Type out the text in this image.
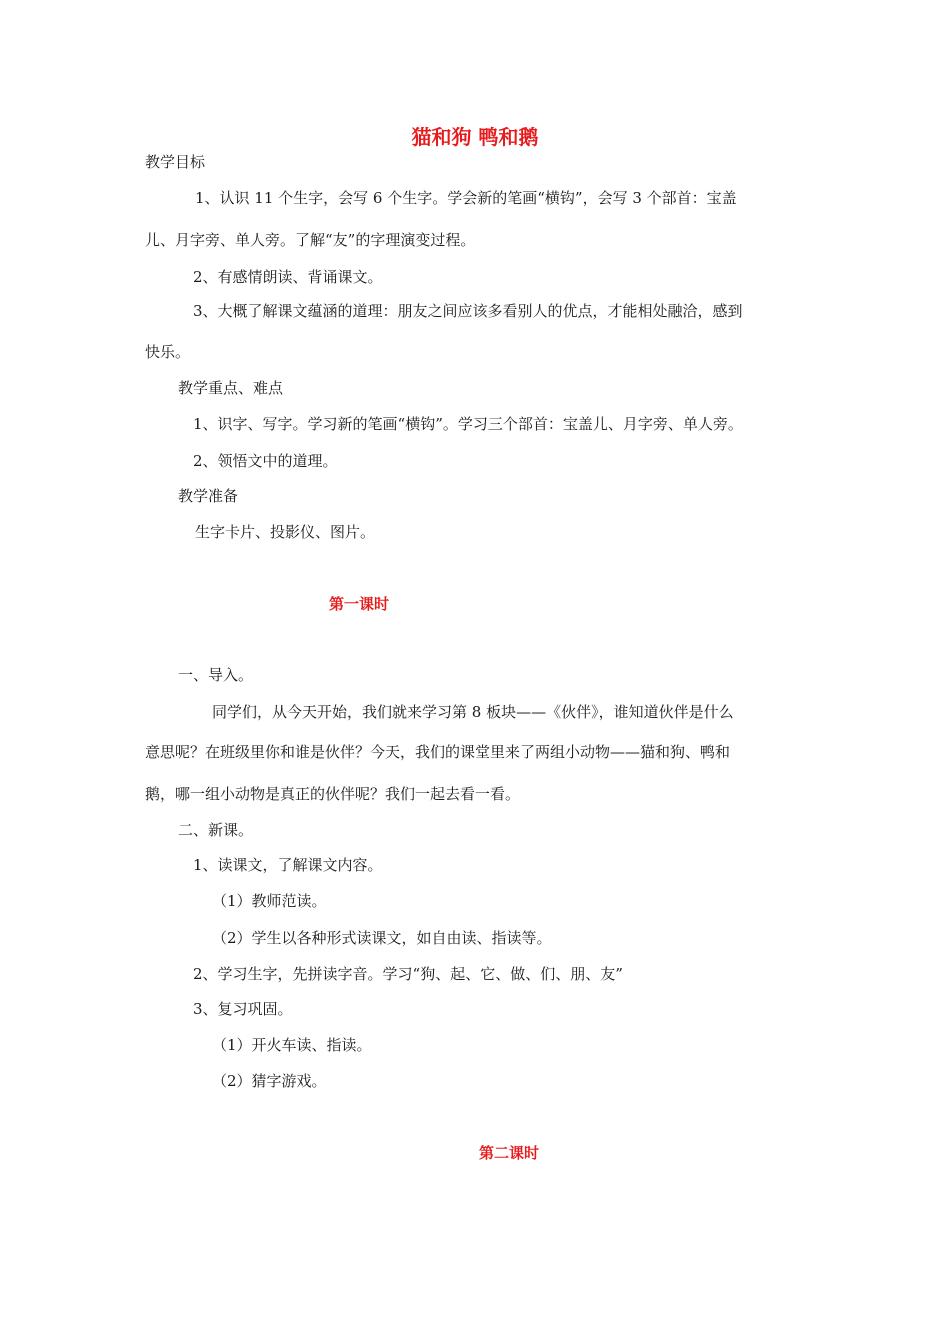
猫和狗 鸭和鹅
教学目标
1、认识 11 个生字，会写 6 个生字。学会新的笔画“横钩”，会写 3 个部首：宝盖
儿、月字旁、单人旁。了解“友”的字理演变过程。
2、有感情朗读、背诵课文。
3、大概了解课文蕴涵的道理：朋友之间应该多看别人的优点，才能相处融洽，感到
快乐。
教学重点、难点
1、识字、写字。学习新的笔画“横钩”。学习三个部首：宝盖儿、月字旁、单人旁。
2、领悟文中的道理。
教学准备
生字卡片、投影仪、图片。
第一课时
一、导入。
同学们，从今天开始，我们就来学习第 8 板块——《伙伴》，谁知道伙伴是什么
意思呢？在班级里你和谁是伙伴？今天，我们的课堂里来了两组小动物——猫和狗、鸭和
鹅，哪一组小动物是真正的伙伴呢？我们一起去看一看。
二、新课。
1、读课文，了解课文内容。
（1）教师范读。
（2）学生以各种形式读课文，如自由读、指读等。
2、学习生字，先拼读字音。学习“狗、起、它、做、们、朋、友”
3、复习巩固。
（1）开火车读、指读。
（2）猜字游戏。
第二课时
